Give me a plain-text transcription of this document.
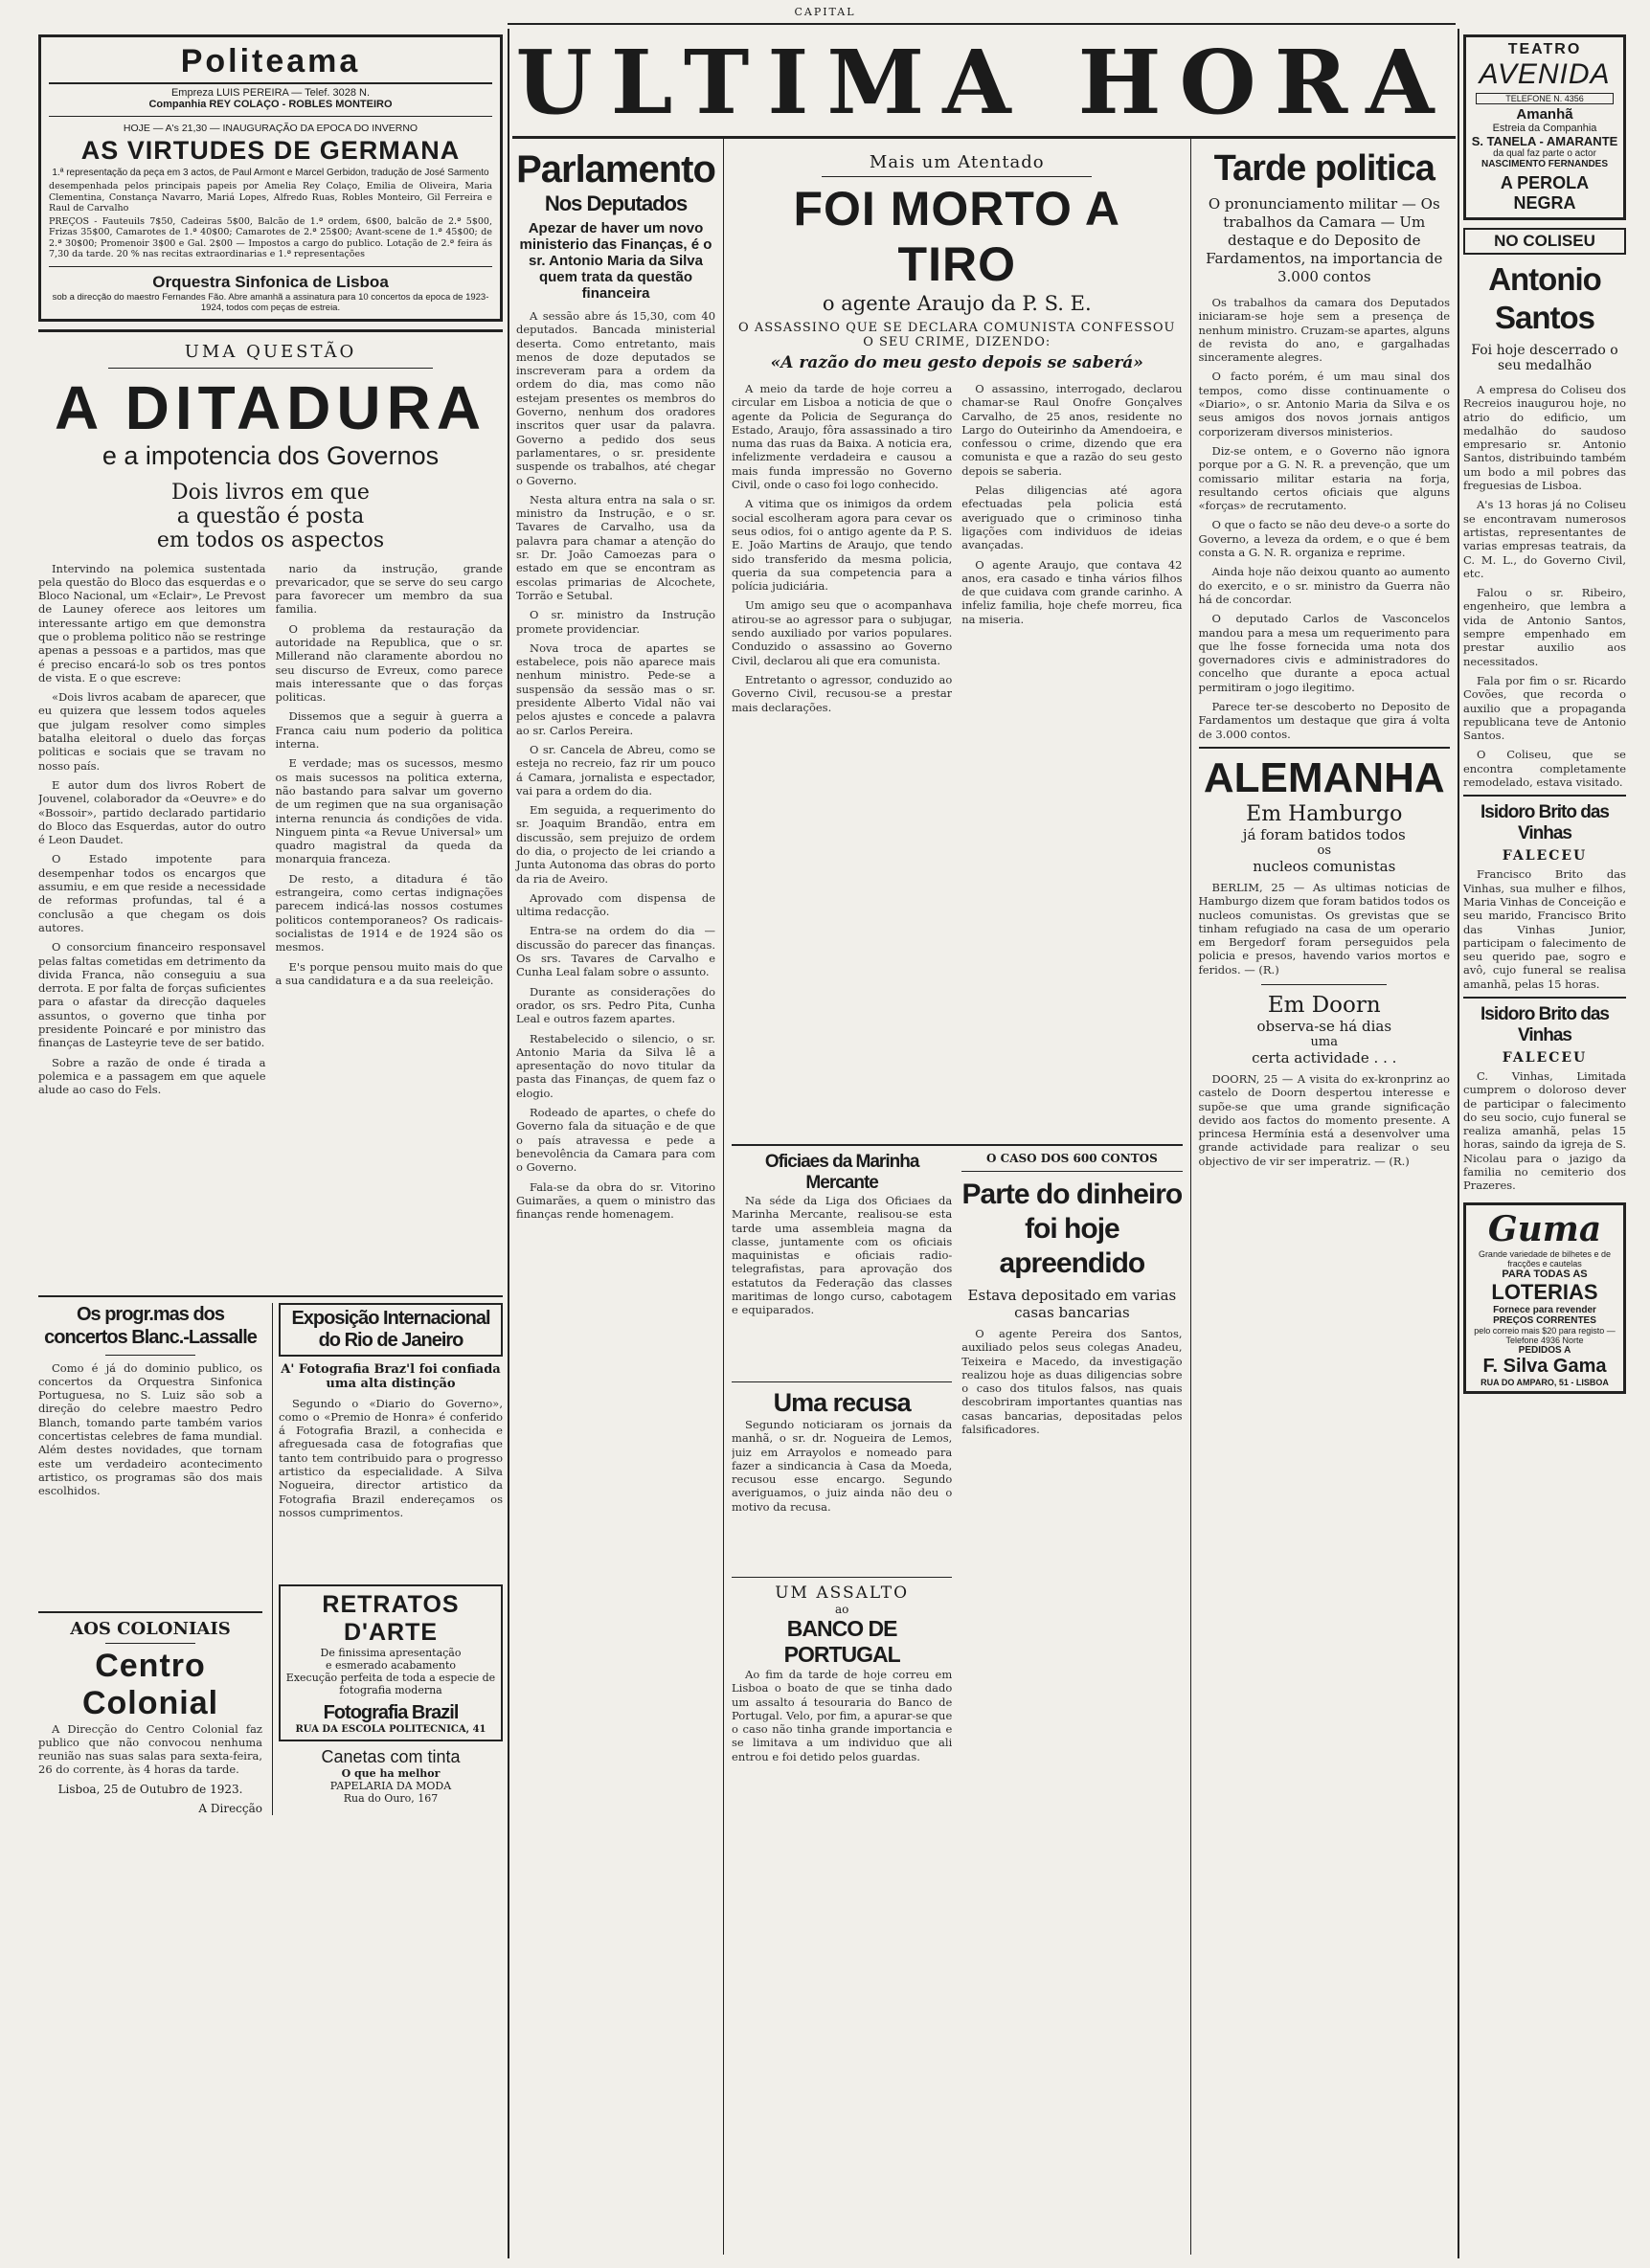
CAPITAL
Politeama
Empreza LUIS PEREIRA — Telef. 3028 N.
Companhia REY COLAÇO - ROBLES MONTEIRO
HOJE — A's 21,30 — INAUGURAÇÃO DA EPOCA DO INVERNO
AS VIRTUDES DE GERMANA
1.ª representação da peça em 3 actos, de Paul Armont e Marcel Gerbidon, tradução de José Sarmento
desempenhada pelos principais papeis por Amelia Rey Colaço, Emilia de Oliveira, Maria Clementina, Constança Navarro, Mariá Lopes, Alfredo Ruas, Robles Monteiro, Gil Ferreira e Raul de Carvalho
PREÇOS - Fauteuils 7$50, Cadeiras 5$00, Balcão de 1.ª ordem, 6$00, balcão de 2.ª 5$00, Frizas 35$00, Camarotes de 1.ª 40$00; Camarotes de 2.ª 25$00; Avant-scene de 1.ª 45$00; de 2.ª 30$00; Promenoir 3$00 e Gal. 2$00 — Impostos a cargo do publico. Lotação de 2.ª feira ás 7,30 da tarde. 20 % nas recitas extraordinarias e 1.ª representações
Orquestra Sinfonica de Lisboa
sob a direcção do maestro Fernandes Fão. Abre amanhã a assinatura para 10 concertos da epoca de 1923-1924, todos com peças de estreia.
UMA QUESTÃO
A DITADURA
e a impotencia dos Governos
Dois livros em que
a questão é posta
em todos os aspectos

Intervindo na polemica sustentada pela questão do Bloco das esquerdas e o Bloco Nacional, um «Eclair», Le Prevost de Launey oferece aos leitores um interessante artigo em que demonstra que o problema politico não se restringe apenas a pessoas e a partidos, mas que é preciso encará-lo sob os tres pontos de vista. E o que escreve:

«Dois livros acabam de aparecer, que eu quizera que lessem todos aqueles que julgam resolver como simples batalha eleitoral o duelo das forças politicas e sociais que se travam no nosso país.

E autor dum dos livros Robert de Jouvenel, colaborador da «Oeuvre» e do «Bossoir», partido declarado partidario do Bloco das Esquerdas, autor do outro é Leon Daudet.

O Estado impotente para desempenhar todos os encargos que assumiu, e em que reside a necessidade de reformas profundas, tal é a conclusão a que chegam os dois autores.

O consorcium financeiro responsavel pelas faltas cometidas em detrimento da divida Franca, não conseguiu a sua derrota. E por falta de forças suficientes para o afastar da direcção daqueles assuntos, o governo que tinha por presidente Poincaré e por ministro das finanças de Lasteyrie teve de ser batido.

Sobre a razão de onde é tirada a polemica e a passagem em que aquele alude ao caso do Fels.

nario da instrução, grande prevaricador, que se serve do seu cargo para favorecer um membro da sua familia.

O problema da restauração da autoridade na Republica, que o sr. Millerand não claramente abordou no seu discurso de Evreux, como parece mais interessante que o das forças politicas.

Dissemos que a seguir à guerra a Franca caiu num poderio da politica interna.

E verdade; mas os sucessos, mesmo os mais sucessos na politica externa, não bastando para salvar um governo de um regimen que na sua organisação interna renuncia ás condições de vida. Ninguem pinta «a Revue Universal» um quadro magistral da queda da monarquia franceza.

De resto, a ditadura é tão estrangeira, como certas indignações parecem indicá-las nossos costumes politicos contemporaneos? Os radicais-socialistas de 1914 e de 1924 são os mesmos.

E's porque pensou muito mais do que a sua candidatura e a da sua reeleição.

Os progr.mas dos concertos Blanc.-Lassalle

Como é já do dominio publico, os concertos da Orquestra Sinfonica Portuguesa, no S. Luiz são sob a direção do celebre maestro Pedro Blanch, tomando parte também varios concertistas celebres de fama mundial. Além destes novidades, que tornam este um verdadeiro acontecimento artistico, os programas são dos mais escolhidos.

AOS COLONIAIS
Centro Colonial

A Direcção do Centro Colonial faz publico que não convocou nenhuma reunião nas suas salas para sexta-feira, 26 do corrente, às 4 horas da tarde.

Lisboa, 25 de Outubro de 1923.
A Direcção
Exposição Internacional do Rio de Janeiro
A' Fotografia Braz'l foi confiada uma alta distinção

Segundo o «Diario do Governo», como o «Premio de Honra» é conferido á Fotografia Brazil, a conhecida e afreguesada casa de fotografias que tanto tem contribuido para o progresso artistico da especialidade. A Silva Nogueira, director artistico da Fotografia Brazil endereçamos os nossos cumprimentos.

RETRATOS D'ARTE
De finissima apresentação
e esmerado acabamento
Execução perfeita de toda a especie de fotografia moderna
Fotografia Brazil
RUA DA ESCOLA POLITECNICA, 41
Canetas com tinta
O que ha melhor
PAPELARIA DA MODA
Rua do Ouro, 167
ULTIMA HORA
Parlamento
Nos Deputados
Apezar de haver um novo ministerio das Finanças, é o sr. Antonio Maria da Silva quem trata da questão financeira

A sessão abre ás 15,30, com 40 deputados. Bancada ministerial deserta. Como entretanto, mais menos de doze deputados se inscreveram para a ordem da ordem do dia, mas como não estejam presentes os membros do Governo, nenhum dos oradores inscritos quer usar da palavra. Governo a pedido dos seus parlamentares, o sr. presidente suspende os trabalhos, até chegar o Governo.

Nesta altura entra na sala o sr. ministro da Instrução, e o sr. Tavares de Carvalho, usa da palavra para chamar a atenção do sr. Dr. João Camoezas para o estado em que se encontram as escolas primarias de Alcochete, Torrão e Setubal.

O sr. ministro da Instrução promete providenciar.

Nova troca de apartes se estabelece, pois não aparece mais nenhum ministro. Pede-se a suspensão da sessão mas o sr. presidente Alberto Vidal não vai pelos ajustes e concede a palavra ao sr. Carlos Pereira.

O sr. Cancela de Abreu, como se esteja no recreio, faz rir um pouco á Camara, jornalista e espectador, vai para a ordem do dia.

Em seguida, a requerimento do sr. Joaquim Brandão, entra em discussão, sem prejuizo de ordem do dia, o projecto de lei criando a Junta Autonoma das obras do porto da ria de Aveiro.

Aprovado com dispensa de ultima redacção.

Entra-se na ordem do dia — discussão do parecer das finanças. Os srs. Tavares de Carvalho e Cunha Leal falam sobre o assunto.

Durante as considerações do orador, os srs. Pedro Pita, Cunha Leal e outros fazem apartes.

Restabelecido o silencio, o sr. Antonio Maria da Silva lê a apresentação do novo titular da pasta das Finanças, de quem faz o elogio.

Rodeado de apartes, o chefe do Governo fala da situação e de que o país atravessa e pede a benevolência da Camara para com o Governo.

Fala-se da obra do sr. Vitorino Guimarães, a quem o ministro das finanças rende homenagem.

Mais um Atentado
FOI MORTO A TIRO
o agente Araujo da P. S. E.
O ASSASSINO QUE SE DECLARA COMUNISTA CONFESSOU O SEU CRIME, DIZENDO:
«A razão do meu gesto depois se saberá»

A meio da tarde de hoje correu a circular em Lisboa a noticia de que o agente da Policia de Segurança do Estado, Araujo, fôra assassinado a tiro numa das ruas da Baixa. A noticia era, infelizmente verdadeira e causou a mais funda impressão no Governo Civil, onde o caso foi logo conhecido.

A vitima que os inimigos da ordem social escolheram agora para cevar os seus odios, foi o antigo agente da P. S. E. João Martins de Araujo, que tendo sido transferido da mesma policia, queria da sua competencia para a polícia judiciária.

Um amigo seu que o acompanhava atirou-se ao agressor para o subjugar, sendo auxiliado por varios populares. Conduzido o assassino ao Governo Civil, declarou ali que era comunista.

Entretanto o agressor, conduzido ao Governo Civil, recusou-se a prestar mais declarações.

O assassino, interrogado, declarou chamar-se Raul Onofre Gonçalves Carvalho, de 25 anos, residente no Largo do Outeirinho da Amendoeira, e confessou o crime, dizendo que era comunista e que a razão do seu gesto depois se saberia.

Pelas diligencias até agora efectuadas pela policia está averiguado que o criminoso tinha ligações com individuos de ideias avançadas.

O agente Araujo, que contava 42 anos, era casado e tinha vários filhos de que cuidava com grande carinho. A infeliz familia, hoje chefe morreu, fica na miseria.

Oficiaes da Marinha Mercante

Na séde da Liga dos Oficiaes da Marinha Mercante, realisou-se esta tarde uma assembleia magna da classe, juntamente com os oficiais maquinistas e oficiais radio-telegrafistas, para aprovação dos estatutos da Federação das classes maritimas de longo curso, cabotagem e equiparados.

Uma recusa

Segundo noticiaram os jornais da manhã, o sr. dr. Nogueira de Lemos, juiz em Arrayolos e nomeado para fazer a sindicancia à Casa da Moeda, recusou esse encargo. Segundo averiguamos, o juiz ainda não deu o motivo da recusa.

UM ASSALTO
ao
BANCO DE PORTUGAL

Ao fim da tarde de hoje correu em Lisboa o boato de que se tinha dado um assalto á tesouraria do Banco de Portugal. Velo, por fim, a apurar-se que o caso não tinha grande importancia e se limitava a um individuo que ali entrou e foi detido pelos guardas.

O CASO DOS 600 CONTOS
Parte do dinheiro foi hoje apreendido
Estava depositado em varias casas bancarias

O agente Pereira dos Santos, auxiliado pelos seus colegas Anadeu, Teixeira e Macedo, da investigação realizou hoje as duas diligencias sobre o caso dos titulos falsos, nas quais descobriram importantes quantias nas casas bancarias, depositadas pelos falsificadores.

Tarde politica
O pronunciamento militar — Os trabalhos da Camara — Um destaque e do Deposito de Fardamentos, na importancia de 3.000 contos

Os trabalhos da camara dos Deputados iniciaram-se hoje sem a presença de nenhum ministro. Cruzam-se apartes, alguns de revista do ano, e gargalhadas sinceramente alegres.

O facto porém, é um mau sinal dos tempos, como disse continuamente o «Diario», o sr. Antonio Maria da Silva e os seus amigos dos novos jornais antigos corporizeram diversos ministerios.

Diz-se ontem, e o Governo não ignora porque por a G. N. R. a prevenção, que um comissario militar estaria na forja, resultando certos oficiais que alguns «forças» de recrutamento.

O que o facto se não deu deve-o a sorte do Governo, a leveza da ordem, e o que é bem consta a G. N. R. organiza e reprime.

Ainda hoje não deixou quanto ao aumento do exercito, e o sr. ministro da Guerra não há de concordar.

O deputado Carlos de Vasconcelos mandou para a mesa um requerimento para que lhe fosse fornecida uma nota dos governadores civis e administradores do concelho que durante a epoca actual permitiram o jogo ilegitimo.

Parece ter-se descoberto no Deposito de Fardamentos um destaque que gira á volta de 3.000 contos.

ALEMANHA
Em Hamburgo
já foram batidos todos
os
nucleos comunistas

BERLIM, 25 — As ultimas noticias de Hamburgo dizem que foram batidos todos os nucleos comunistas. Os grevistas que se tinham refugiado na casa de um operario em Bergedorf foram perseguidos pela policia e presos, havendo varios mortos e feridos. — (R.)

Em Doorn
observa-se há dias
uma
certa actividade . . .

DOORN, 25 — A visita do ex-kronprinz ao castelo de Doorn despertou interesse e supõe-se que uma grande significação devido aos factos do momento presente. A princesa Hermínia está a desenvolver uma grande actividade para realizar o seu objectivo de vir ser imperatriz. — (R.)

TEATRO
AVENIDA
TELEFONE N. 4356
Amanhã
Estreia da Companhia
S. TANELA - AMARANTE
da qual faz parte o actor
NASCIMENTO FERNANDES
A PEROLA NEGRA
NO COLISEU
Antonio Santos
Foi hoje descerrado o seu medalhão

A empresa do Coliseu dos Recreios inaugurou hoje, no atrio do edificio, um medalhão do saudoso empresario sr. Antonio Santos, distribuindo também um bodo a mil pobres das freguesias de Lisboa.

A's 13 horas já no Coliseu se encontravam numerosos artistas, representantes de varias empresas teatrais, da C. M. L., do Governo Civil, etc.

Falou o sr. Ribeiro, engenheiro, que lembra a vida de Antonio Santos, sempre empenhado em prestar auxilio aos necessitados.

Fala por fim o sr. Ricardo Covões, que recorda o auxilio que a propaganda republicana teve de Antonio Santos.

O Coliseu, que se encontra completamente remodelado, estava visitado.

Isidoro Brito das Vinhas
FALECEU

Francisco Brito das Vinhas, sua mulher e filhos, Maria Vinhas de Conceição e seu marido, Francisco Brito das Vinhas Junior, participam o falecimento de seu querido pae, sogro e avô, cujo funeral se realisa amanhã, pelas 15 horas.

Isidoro Brito das Vinhas
FALECEU

C. Vinhas, Limitada cumprem o doloroso dever de participar o falecimento do seu socio, cujo funeral se realiza amanhã, pelas 15 horas, saindo da igreja de S. Nicolau para o jazigo da familia no cemiterio dos Prazeres.

Guma
Grande variedade de bilhetes e de fracções e cautelas
PARA TODAS AS
LOTERIAS
Fornece para revender
PREÇOS CORRENTES
pelo correio mais $20 para registo — Telefone 4936 Norte
PEDIDOS A
F. Silva Gama
RUA DO AMPARO, 51 - LISBOA
